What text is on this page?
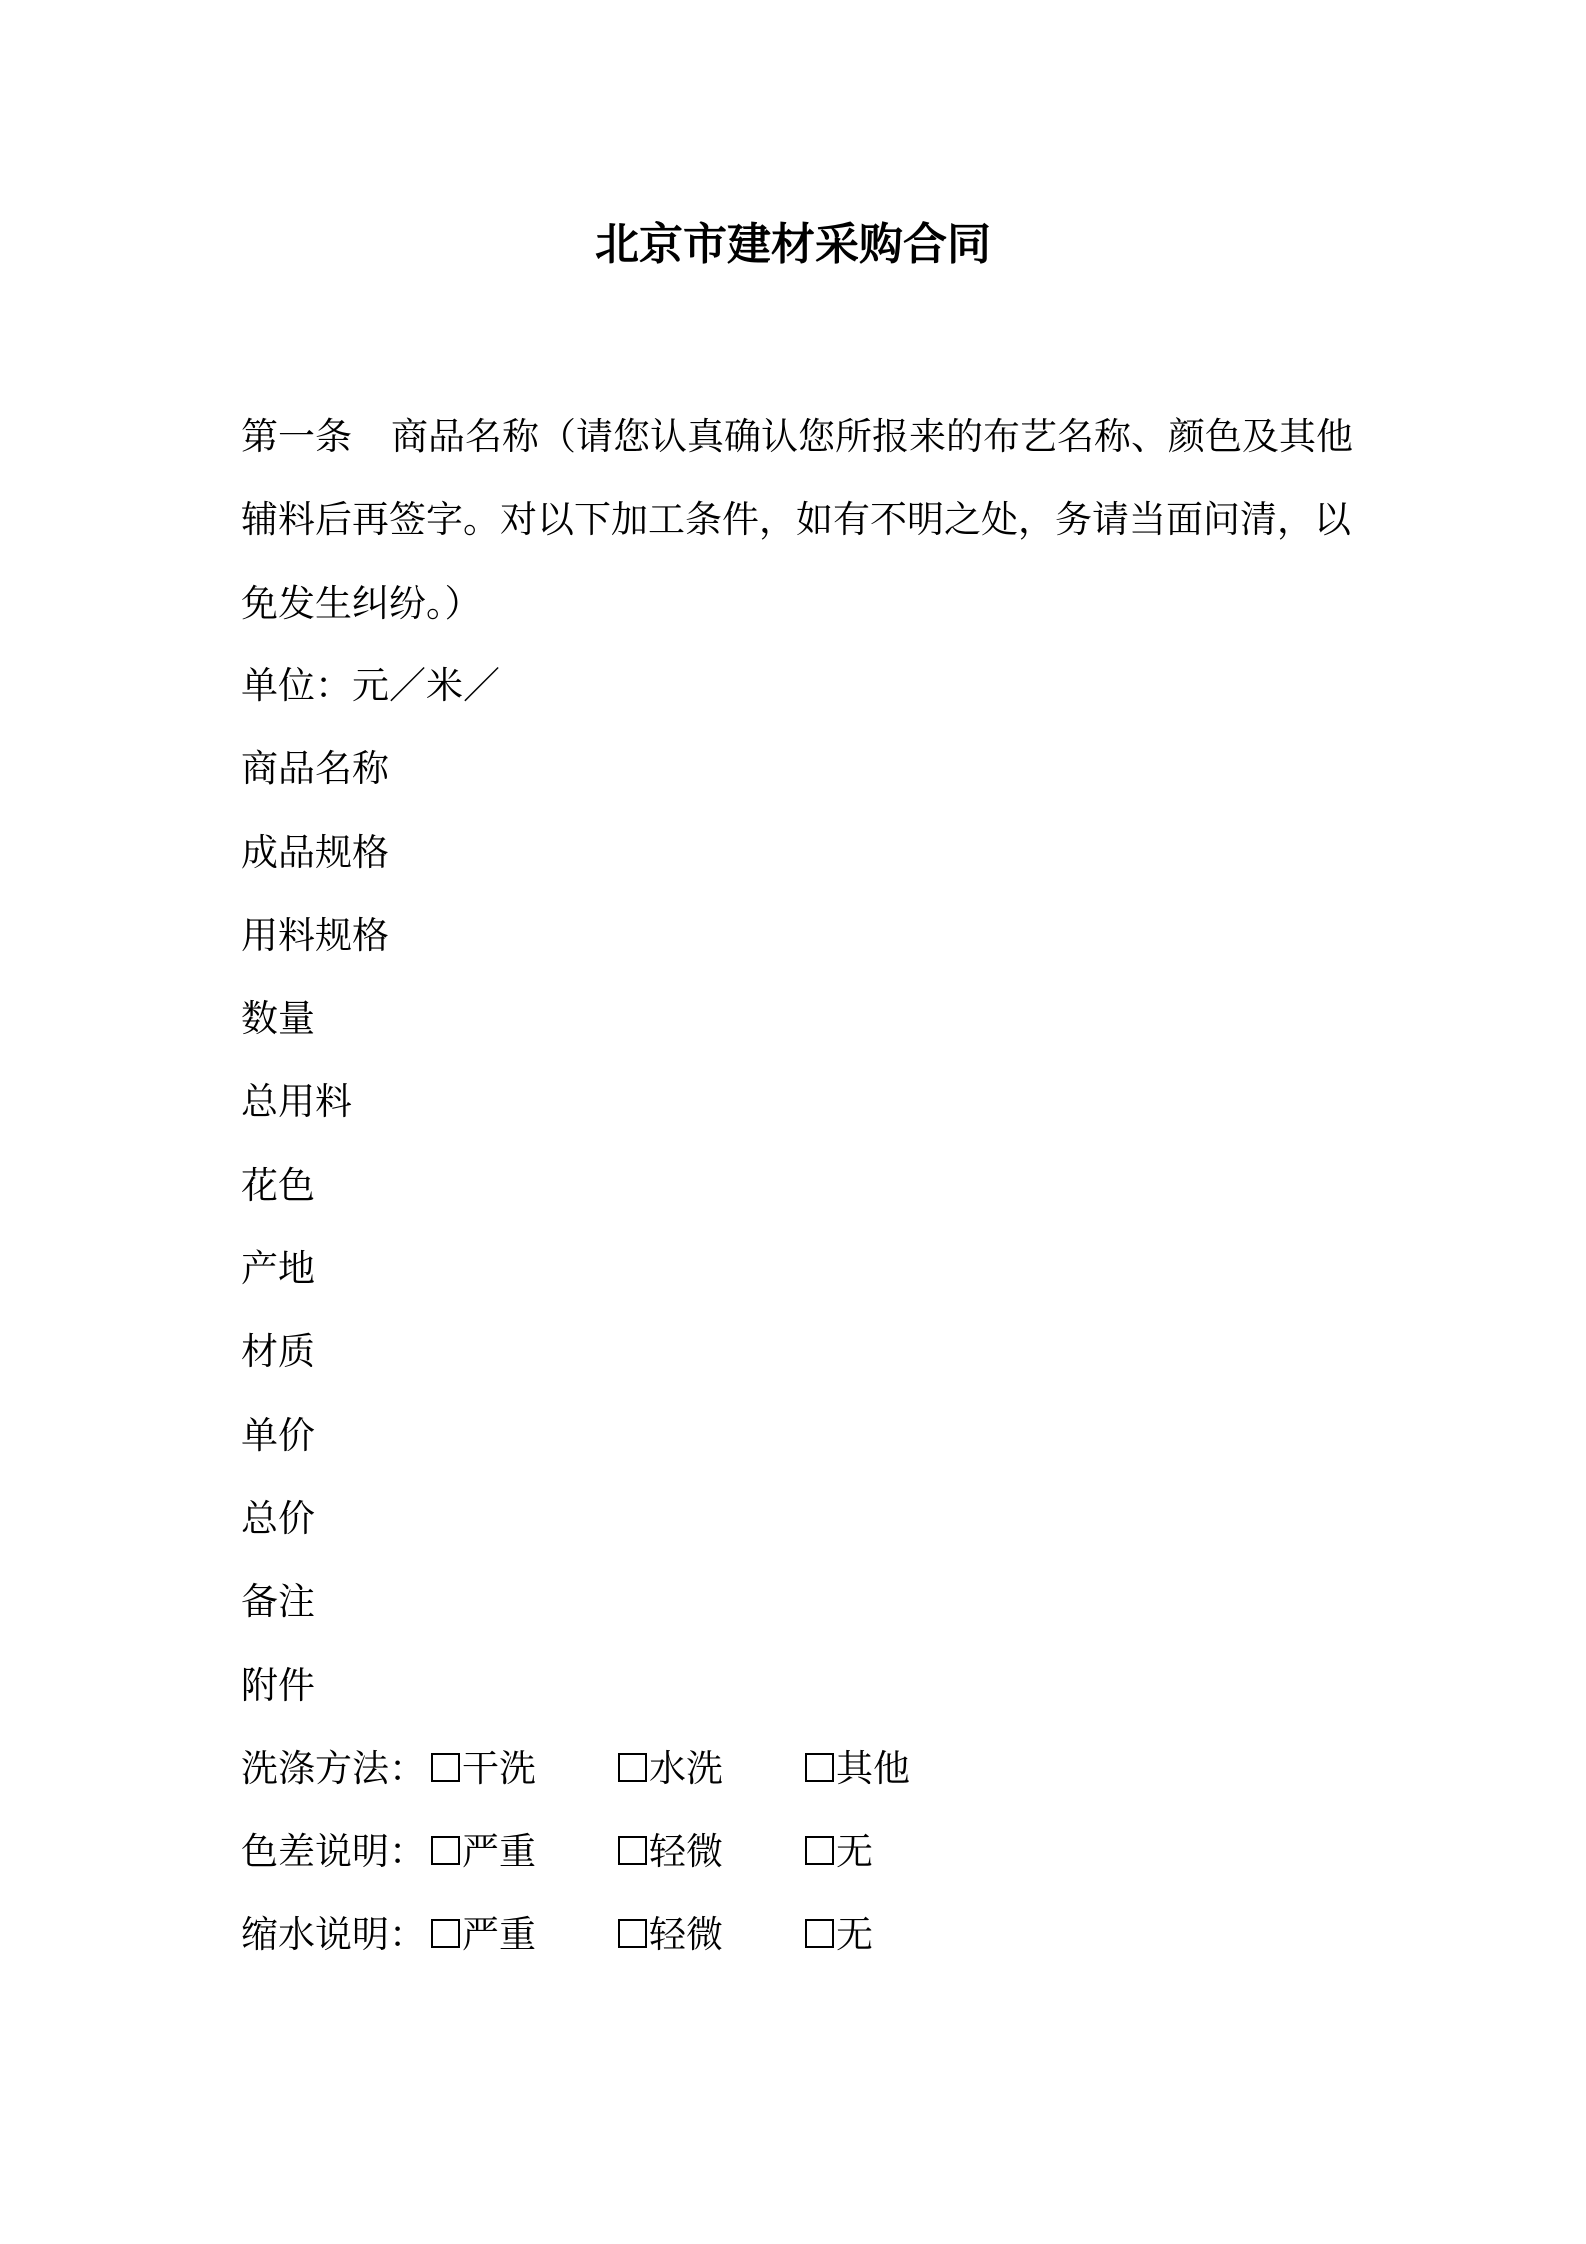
北京市建材采购合同
第一条 商品名称（请您认真确认您所报来的布艺名称、颜色及其他
辅料后再签字。对以下加工条件，如有不明之处，务请当面问清，以
免发生纠纷。）
单位：元／米／
商品名称
成品规格
用料规格
数量
总用料
花色
产地
材质
单价
总价
备注
附件
洗涤方法： 干洗	水洗	其他
色差说明： 严重	轻微	无
缩水说明： 严重	轻微	无
